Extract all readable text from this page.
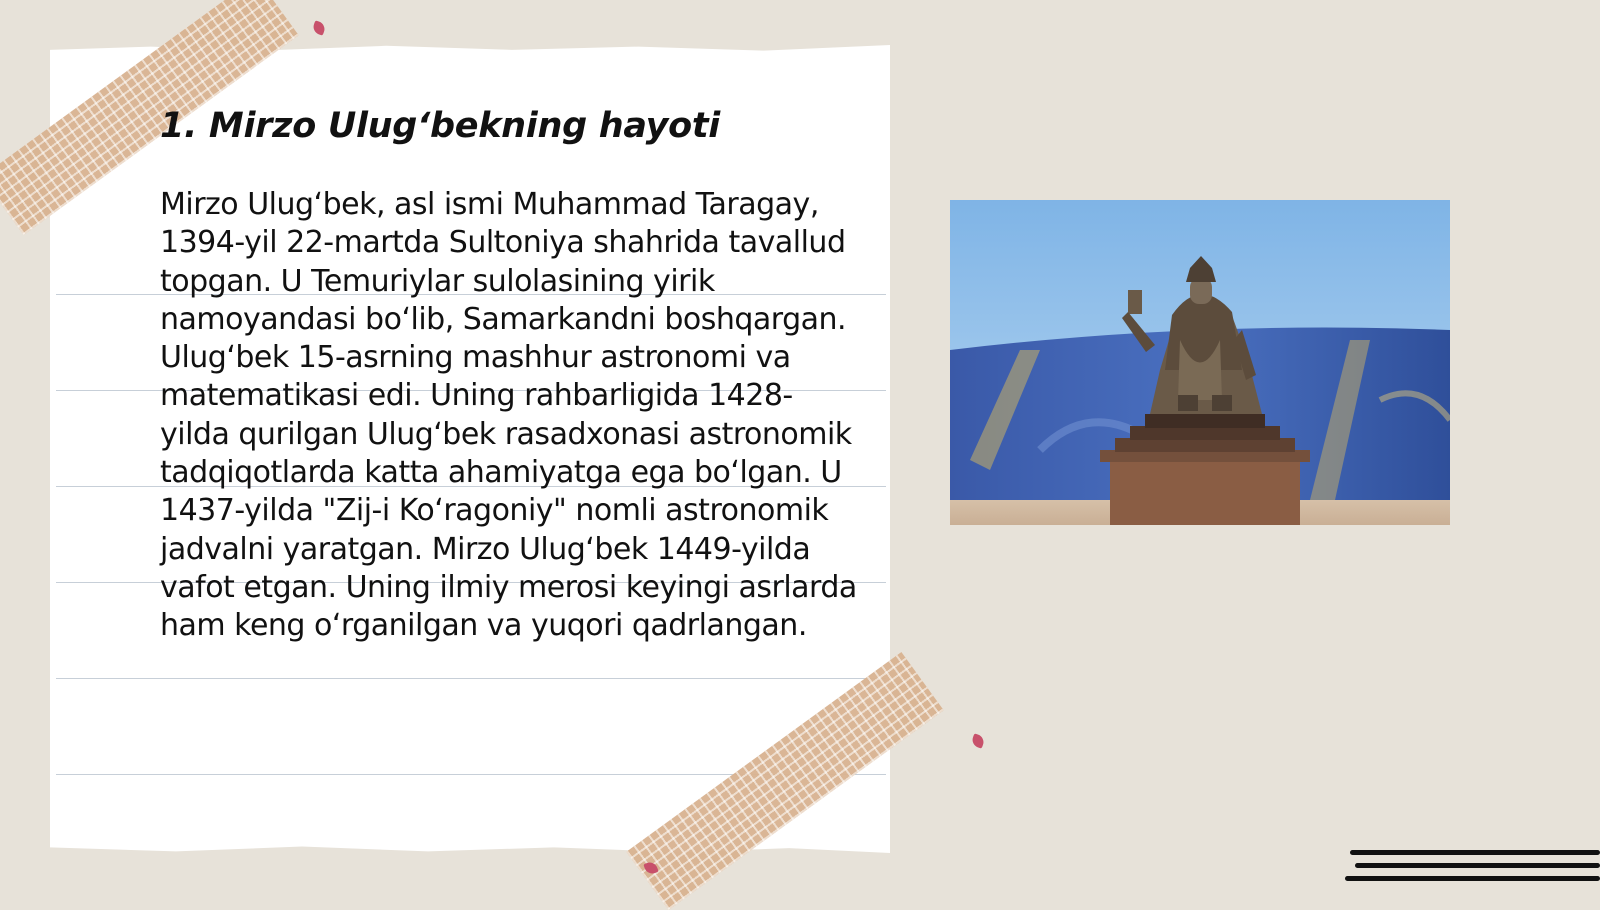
1. Mirzo Ulug‘bekning hayoti

Mirzo Ulug‘bek, asl ismi Muhammad Taragay, 1394-yil 22-martda Sultoniya shahrida tavallud topgan. U Temuriylar sulolasining yirik namoyandasi bo‘lib, Samarkandni boshqargan. Ulug‘bek 15-asrning mashhur astronomi va matematikasi edi. Uning rahbarligida 1428-yilda qurilgan Ulug‘bek rasadxonasi astronomik tadqiqotlarda katta ahamiyatga ega bo‘lgan. U 1437-yilda "Zij-i Ko‘ragoniy" nomli astronomik jadvalni yaratgan. Mirzo Ulug‘bek 1449-yilda vafot etgan. Uning ilmiy merosi keyingi asrlarda ham keng o‘rganilgan va yuqori qadrlangan.
